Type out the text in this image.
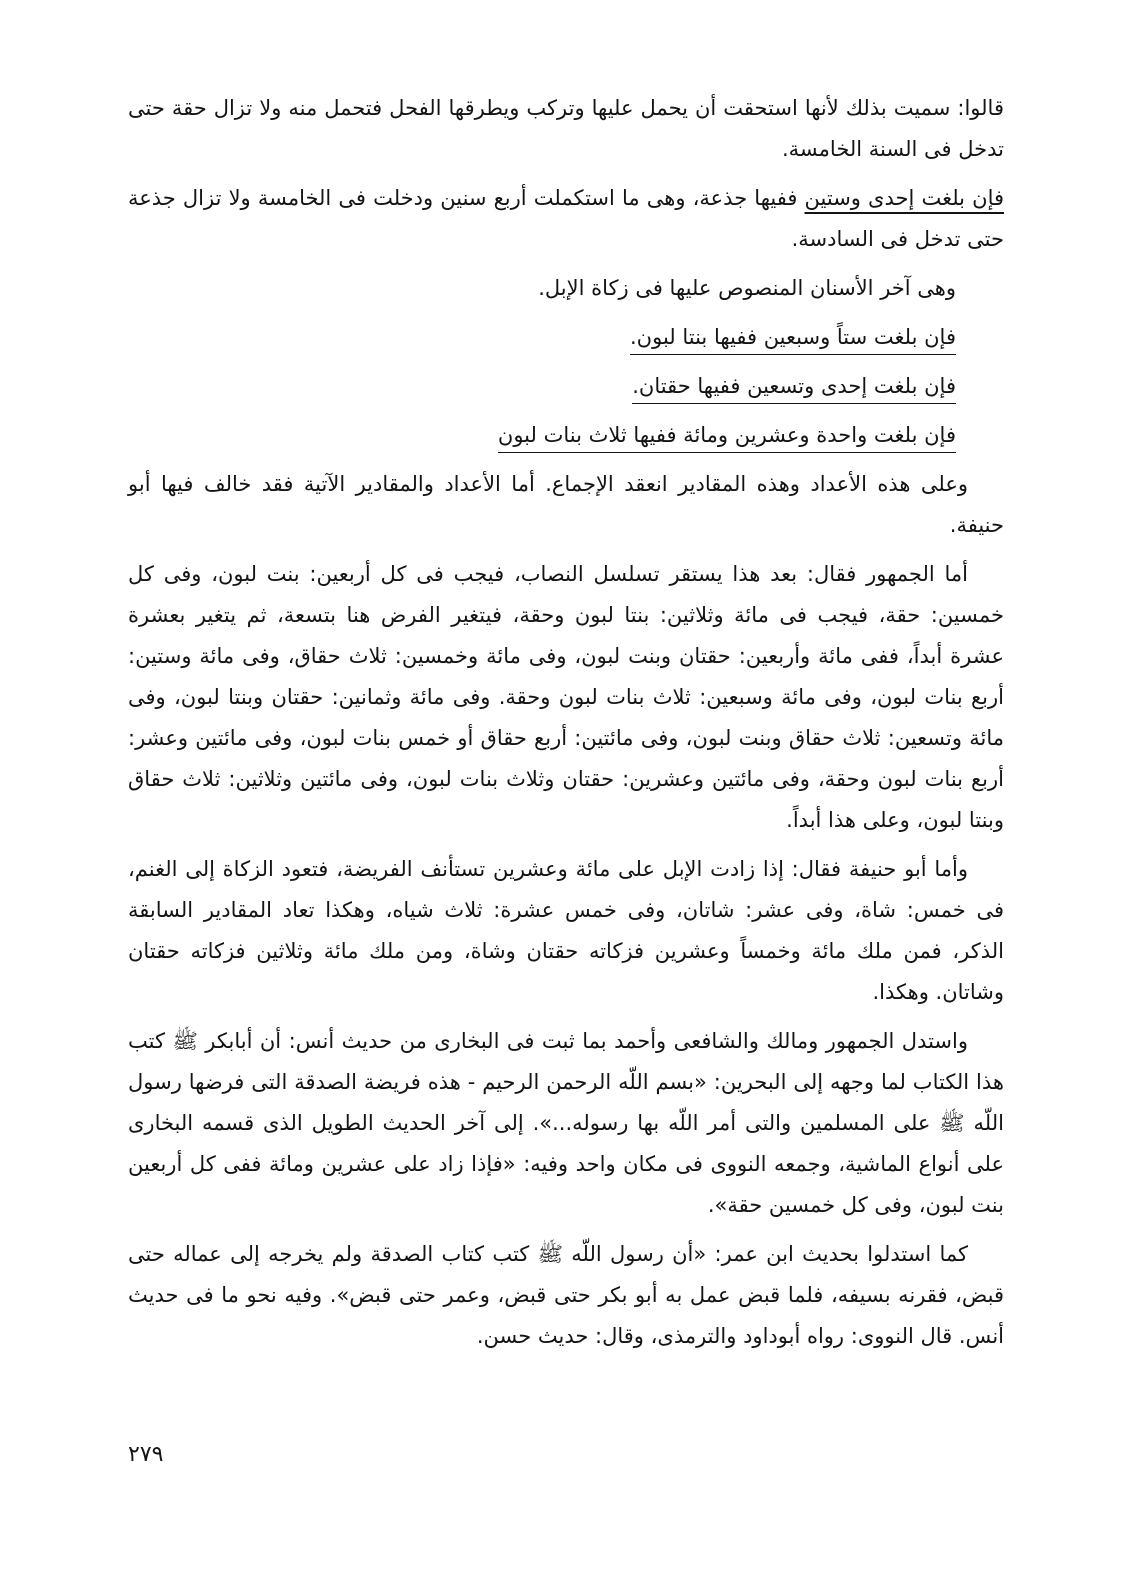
قالوا: سميت بذلك لأنها استحقت أن يحمل عليها وتركب ويطرقها الفحل فتحمل منه ولا تزال حقة حتى تدخل فى السنة الخامسة.

فإن بلغت إحدى وستين ففيها جذعة، وهى ما استكملت أربع سنين ودخلت فى الخامسة ولا تزال جذعة حتى تدخل فى السادسة.

وهى آخر الأسنان المنصوص عليها فى زكاة الإبل.

فإن بلغت ستاً وسبعين ففيها بنتا لبون.

فإن بلغت إحدى وتسعين ففيها حقتان.

فإن بلغت واحدة وعشرين ومائة ففيها ثلاث بنات لبون

وعلى هذه الأعداد وهذه المقادير انعقد الإجماع. أما الأعداد والمقادير الآتية فقد خالف فيها أبو حنيفة.

أما الجمهور فقال: بعد هذا يستقر تسلسل النصاب، فيجب فى كل أربعين: بنت لبون، وفى كل خمسين: حقة، فيجب فى مائة وثلاثين: بنتا لبون وحقة، فيتغير الفرض هنا بتسعة، ثم يتغير بعشرة عشرة أبداً، ففى مائة وأربعين: حقتان وبنت لبون، وفى مائة وخمسين: ثلاث حقاق، وفى مائة وستين: أربع بنات لبون، وفى مائة وسبعين: ثلاث بنات لبون وحقة. وفى مائة وثمانين: حقتان وبنتا لبون، وفى مائة وتسعين: ثلاث حقاق وبنت لبون، وفى مائتين: أربع حقاق أو خمس بنات لبون، وفى مائتين وعشر: أربع بنات لبون وحقة، وفى مائتين وعشرين: حقتان وثلاث بنات لبون، وفى مائتين وثلاثين: ثلاث حقاق وبنتا لبون، وعلى هذا أبداً.

وأما أبو حنيفة فقال: إذا زادت الإبل على مائة وعشرين تستأنف الفريضة، فتعود الزكاة إلى الغنم، فى خمس: شاة، وفى عشر: شاتان، وفى خمس عشرة: ثلاث شياه، وهكذا تعاد المقادير السابقة الذكر، فمن ملك مائة وخمساً وعشرين فزكاته حقتان وشاة، ومن ملك مائة وثلاثين فزكاته حقتان وشاتان. وهكذا.

واستدل الجمهور ومالك والشافعى وأحمد بما ثبت فى البخارى من حديث أنس: أن أبابكر ﷺ كتب هذا الكتاب لما وجهه إلى البحرين: «بسم اللّه الرحمن الرحيم - هذه فريضة الصدقة التى فرضها رسول اللّه ﷺ على المسلمين والتى أمر اللّه بها رسوله...». إلى آخر الحديث الطويل الذى قسمه البخارى على أنواع الماشية، وجمعه النووى فى مكان واحد وفيه: «فإذا زاد على عشرين ومائة ففى كل أربعين بنت لبون، وفى كل خمسين حقة».

كما استدلوا بحديث ابن عمر: «أن رسول اللّه ﷺ كتب كتاب الصدقة ولم يخرجه إلى عماله حتى قبض، فقرنه بسيفه، فلما قبض عمل به أبو بكر حتى قبض، وعمر حتى قبض». وفيه نحو ما فى حديث أنس. قال النووى: رواه أبوداود والترمذى، وقال: حديث حسن.

٢٧٩
